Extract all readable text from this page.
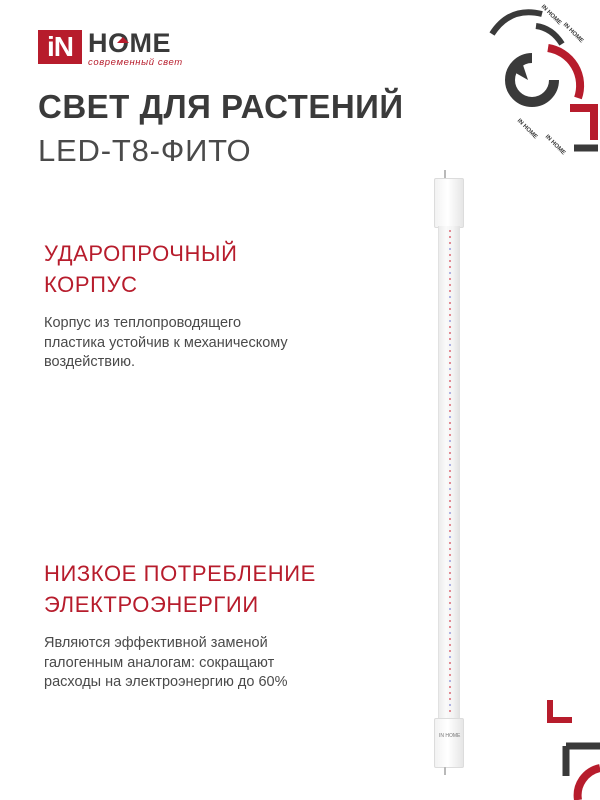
iN HOME
современный свет
СВЕТ ДЛЯ РАСТЕНИЙ
LED-T8-ФИТО
УДАРОПРОЧНЫЙ
КОРПУС
Корпус из теплопроводящего
пластика устойчив к механическому
воздействию.
НИЗКОЕ ПОТРЕБЛЕНИЕ
ЭЛЕКТРОЭНЕРГИИ
Являются эффективной заменой
галогенным аналогам: сокращают
расходы на электроэнергию до 60%
IN HOME
IN HOME
IN HOME
IN HOME
IN HOME
